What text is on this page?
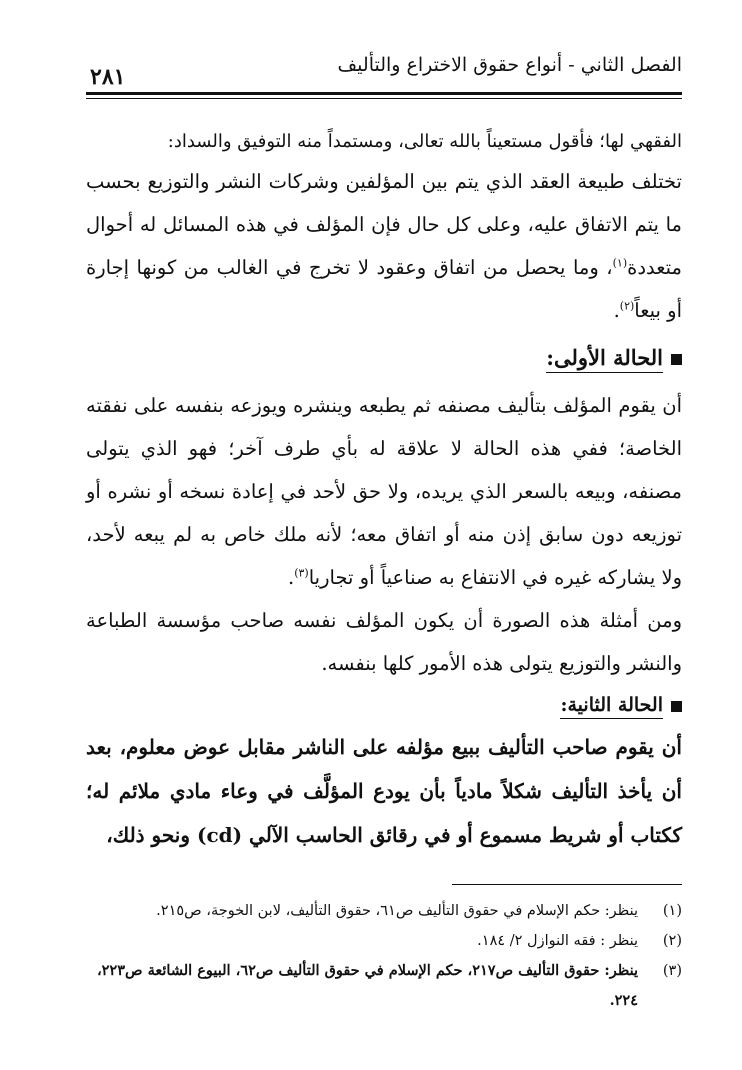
الفصل الثاني - أنواع حقوق الاختراع والتأليف
٢٨١

الفقهي لها؛ فأقول مستعيناً بالله تعالى، ومستمداً منه التوفيق والسداد:

تختلف طبيعة العقد الذي يتم بين المؤلفين وشركات النشر والتوزيع بحسب ما يتم الاتفاق عليه، وعلى كل حال فإن المؤلف في هذه المسائل له أحوال متعددة$^{(١)}$، وما يحصل من اتفاق وعقود لا تخرج في الغالب من كونها إجارة أو بيعاً$^{(٢)}$.

الحالة الأولى:

أن يقوم المؤلف بتأليف مصنفه ثم يطبعه وينشره ويوزعه بنفسه على نفقته الخاصة؛ ففي هذه الحالة لا علاقة له بأي طرف آخر؛ فهو الذي يتولى مصنفه، وبيعه بالسعر الذي يريده، ولا حق لأحد في إعادة نسخه أو نشره أو توزيعه دون سابق إذن منه أو اتفاق معه؛ لأنه ملك خاص به لم يبعه لأحد، ولا يشاركه غيره في الانتفاع به صناعياً أو تجاريا$^{(٣)}$.

ومن أمثلة هذه الصورة أن يكون المؤلف نفسه صاحب مؤسسة الطباعة والنشر والتوزيع يتولى هذه الأمور كلها بنفسه.

الحالة الثانية:

أن يقوم صاحب التأليف ببيع مؤلفه على الناشر مقابل عوض معلوم، بعد أن يأخذ التأليف شكلاً مادياً بأن يودع المؤلَّف في وعاء مادي ملائم له؛ككتاب أو شريط مسموع أو في رقائق الحاسب الآلي (cd) ونحو ذلك،

(١)
ينظر: حكم الإسلام في حقوق التأليف ص٦١، حقوق التأليف، لابن الخوجة، ص٢١٥.
(٢)
ينظر : فقه النوازل ٢/ ١٨٤.
(٣)
ينظر: حقوق التأليف ص٢١٧، حكم الإسلام في حقوق التأليف ص٦٢، البيوع الشائعة ص٢٢٣، ٢٢٤.
